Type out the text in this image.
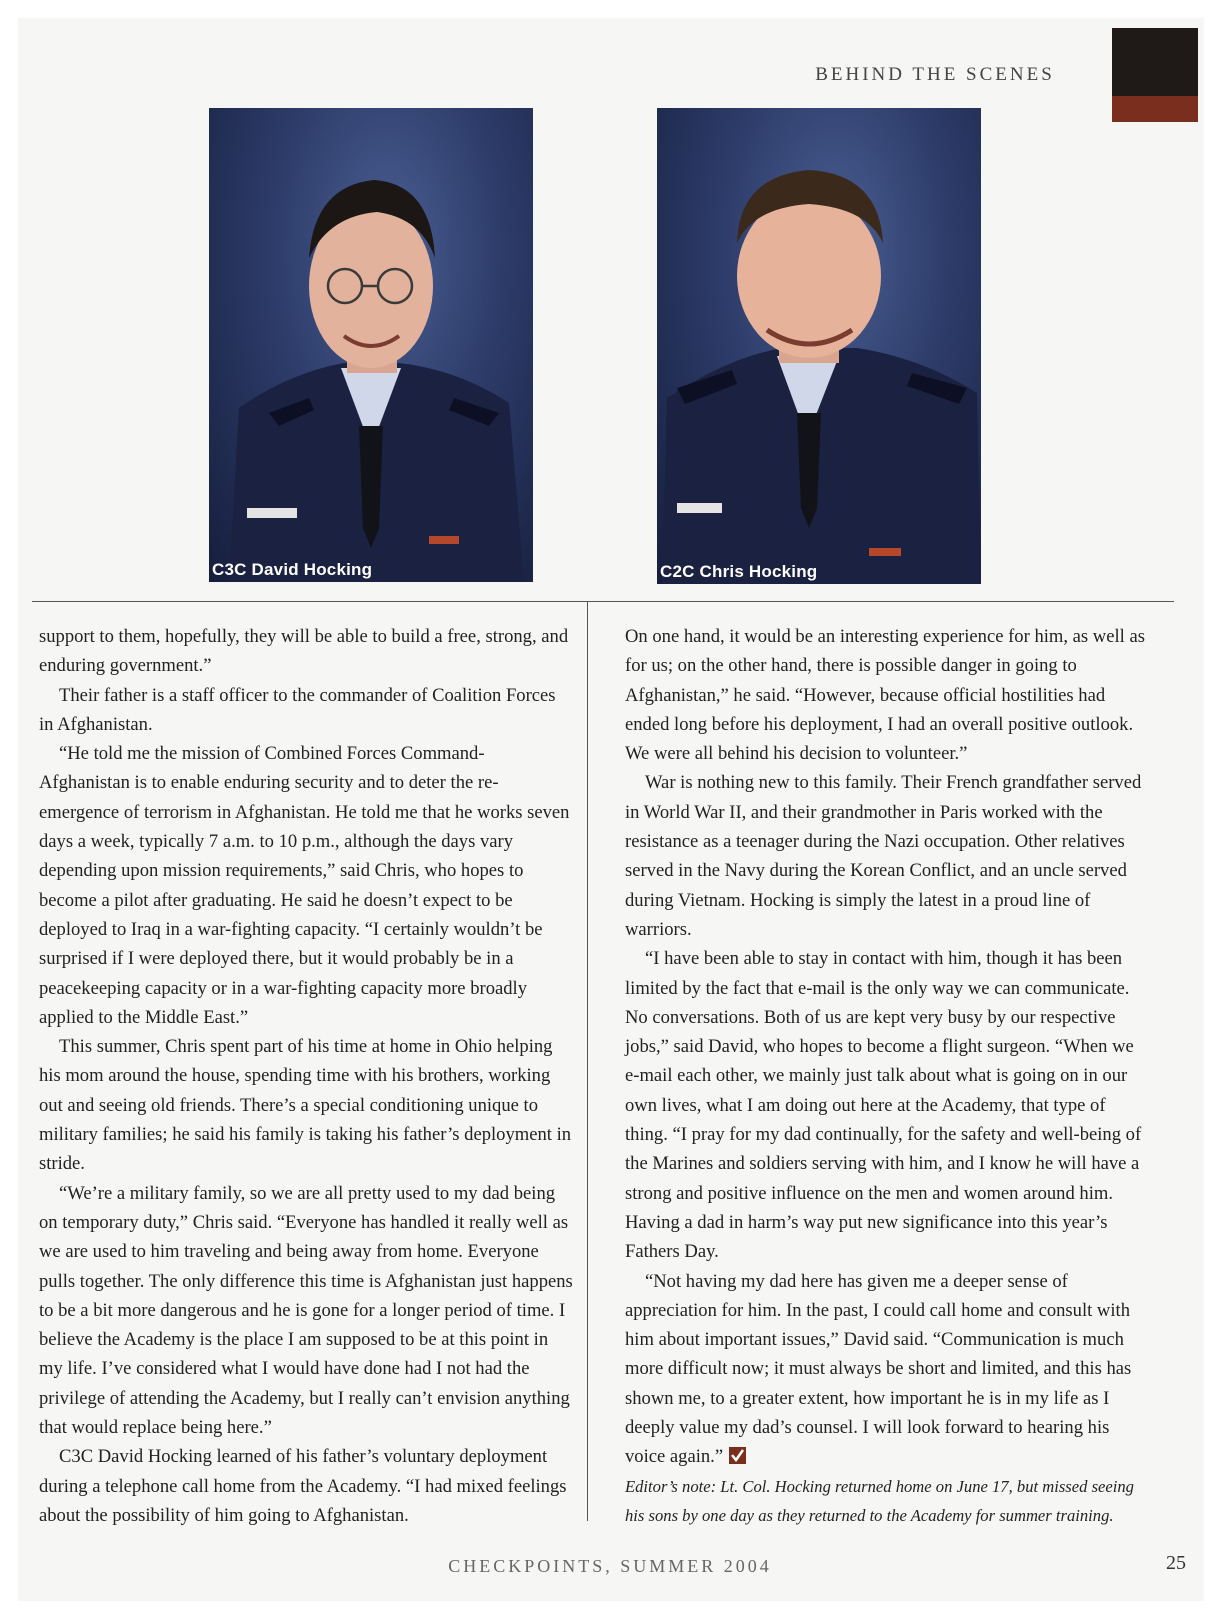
BEHIND THE SCENES
C3C David Hocking	C2C Chris Hocking

support to them, hopefully, they will be able to build a free, strong, and enduring government.”

Their father is a staff officer to the commander of Coalition Forces in Afghanistan.

“He told me the mission of Combined Forces Command-Afghanistan is to enable enduring security and to deter the re-emergence of terrorism in Afghanistan. He told me that he works seven days a week, typically 7 a.m. to 10 p.m., although the days vary depending upon mission requirements,” said Chris, who hopes to become a pilot after graduating. He said he doesn’t expect to be deployed to Iraq in a war-fighting capacity. “I certainly wouldn’t be surprised if I were deployed there, but it would probably be in a peacekeeping capacity or in a war-fighting capacity more broadly applied to the Middle East.”

This summer, Chris spent part of his time at home in Ohio helping his mom around the house, spending time with his brothers, working out and seeing old friends. There’s a special conditioning unique to military families; he said his family is taking his father’s deployment in stride.

“We’re a military family, so we are all pretty used to my dad being on temporary duty,” Chris said. “Everyone has handled it really well as we are used to him traveling and being away from home. Everyone pulls together. The only difference this time is Afghanistan just happens to be a bit more dangerous and he is gone for a longer period of time. I believe the Academy is the place I am supposed to be at this point in my life. I’ve considered what I would have done had I not had the privilege of attending the Academy, but I really can’t envision anything that would replace being here.”

C3C David Hocking learned of his father’s voluntary deployment during a telephone call home from the Academy. “I had mixed feelings about the possibility of him going to Afghanistan.

On one hand, it would be an interesting experience for him, as well as for us; on the other hand, there is possible danger in going to Afghanistan,” he said. “However, because official hostilities had ended long before his deployment, I had an overall positive outlook. We were all behind his decision to volunteer.”

War is nothing new to this family. Their French grandfather served in World War II, and their grandmother in Paris worked with the resistance as a teenager during the Nazi occupation. Other relatives served in the Navy during the Korean Conflict, and an uncle served during Vietnam. Hocking is simply the latest in a proud line of warriors.

“I have been able to stay in contact with him, though it has been limited by the fact that e-mail is the only way we can communicate. No conversations. Both of us are kept very busy by our respective jobs,” said David, who hopes to become a flight surgeon. “When we e-mail each other, we mainly just talk about what is going on in our own lives, what I am doing out here at the Academy, that type of thing. “I pray for my dad continually, for the safety and well-being of the Marines and soldiers serving with him, and I know he will have a strong and positive influence on the men and women around him. Having a dad in harm’s way put new significance into this year’s Fathers Day.

“Not having my dad here has given me a deeper sense of appreciation for him. In the past, I could call home and consult with him about important issues,” David said. “Communication is much more difficult now; it must always be short and limited, and this has shown me, to a greater extent, how important he is in my life as I deeply value my dad’s counsel. I will look forward to hearing his voice again.”

Editor’s note: Lt. Col. Hocking returned home on June 17, but missed seeing his sons by one day as they returned to the Academy for summer training.

CHECKPOINTS, SUMMER 2004	25
